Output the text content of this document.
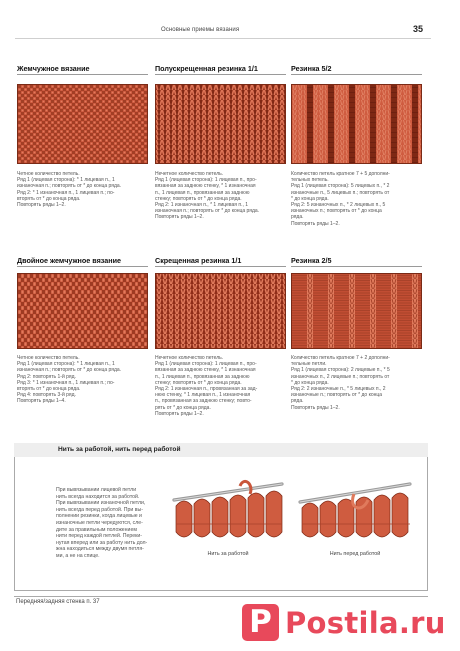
Основные приемы вязания	35
Жемчужное вязание

Четное количество петель.

Ряд 1 (лицевая сторона): * 1 лицевая п., 1

изнаночная п.; повторять от * до конца ряда.

Ряд 2: * 1 изнаночная п., 1 лицевая п.; по-

вторять от * до конца ряда.

Повторять ряды 1–2.

Полускрещенная резинка 1/1

Нечетное количество петель.

Ряд 1 (лицевая сторона): 1 лицевая п., про-

вязанная за заднюю стенку, * 1 изнаночная

п., 1 лицевая п., провязанная за заднюю

стенку; повторять от * до конца ряда.

Ряд 2: 1 изнаночная п., * 1 лицевая п., 1

изнаночная п.; повторять от * до конца ряда.

Повторять ряды 1–2.

Резинка 5/2

Количество петель кратное 7 + 5 дополни-

тельных петель.

Ряд 1 (лицевая сторона): 5 лицевых п., * 2

изнаночные п., 5 лицевых п.; повторять от

* до конца ряда.

Ряд 2: 5 изнаночных п., * 2 лицевых п., 5

изнаночных п.; повторять от * до конца

ряда.

Повторять ряды 1–2.

Двойное жемчужное вязание

Четное количество петель.

Ряд 1 (лицевая сторона): * 1 лицевая п., 1

изнаночная п.; повторять от * до конца ряда.

Ряд 2: повторять 1-й ряд.

Ряд 3: * 1 изнаночная п., 1 лицевая п.; по-

вторять от * до конца ряда.

Ряд 4: повторять 3-й ряд.

Повторять ряды 1–4.

Скрещенная резинка 1/1

Нечетное количество петель.

Ряд 1 (лицевая сторона): 1 лицевая п., про-

вязанная за заднюю стенку, * 1 изнаночная

п., 1 лицевая п., провязанная за заднюю

стенку; повторять от * до конца ряда.

Ряд 2: 1 изнаночная п., провязанная за зад-

нюю стенку, * 1 лицевая п., 1 изнаночная

п., провязанная за заднюю стенку; повто-

рять от * до конца ряда.

Повторять ряды 1–2.

Резинка 2/5

Количество петель кратное 7 + 2 дополни-

тельные петли.

Ряд 1 (лицевая сторона): 2 лицевые п., * 5

изнаночных п., 2 лицевые п.; повторять от

* до конца ряда.

Ряд 2: 2 изнаночные п., * 5 лицевых п., 2

изнаночные п.; повторять от * до конца

ряда.

Повторять ряды 1–2.

Нить за работой, нить перед работой
При вывязывании лицевой петли
нить всегда находится за работой.
При вывязывании изнаночной петли,
нить всегда перед работой. При вы-
полнении резинки, когда лицевые и
изнаночные петли чередуются, сле-
дите за правильным положением
нити перед каждой петлей. Переки-
нутая вперед или за работу нить дол-
жна находиться между двумя петля-
ми, а не на спице.	Нить за работой	Нить перед работой
Передняя/задняя стенка п. 37
P Postila.ru
